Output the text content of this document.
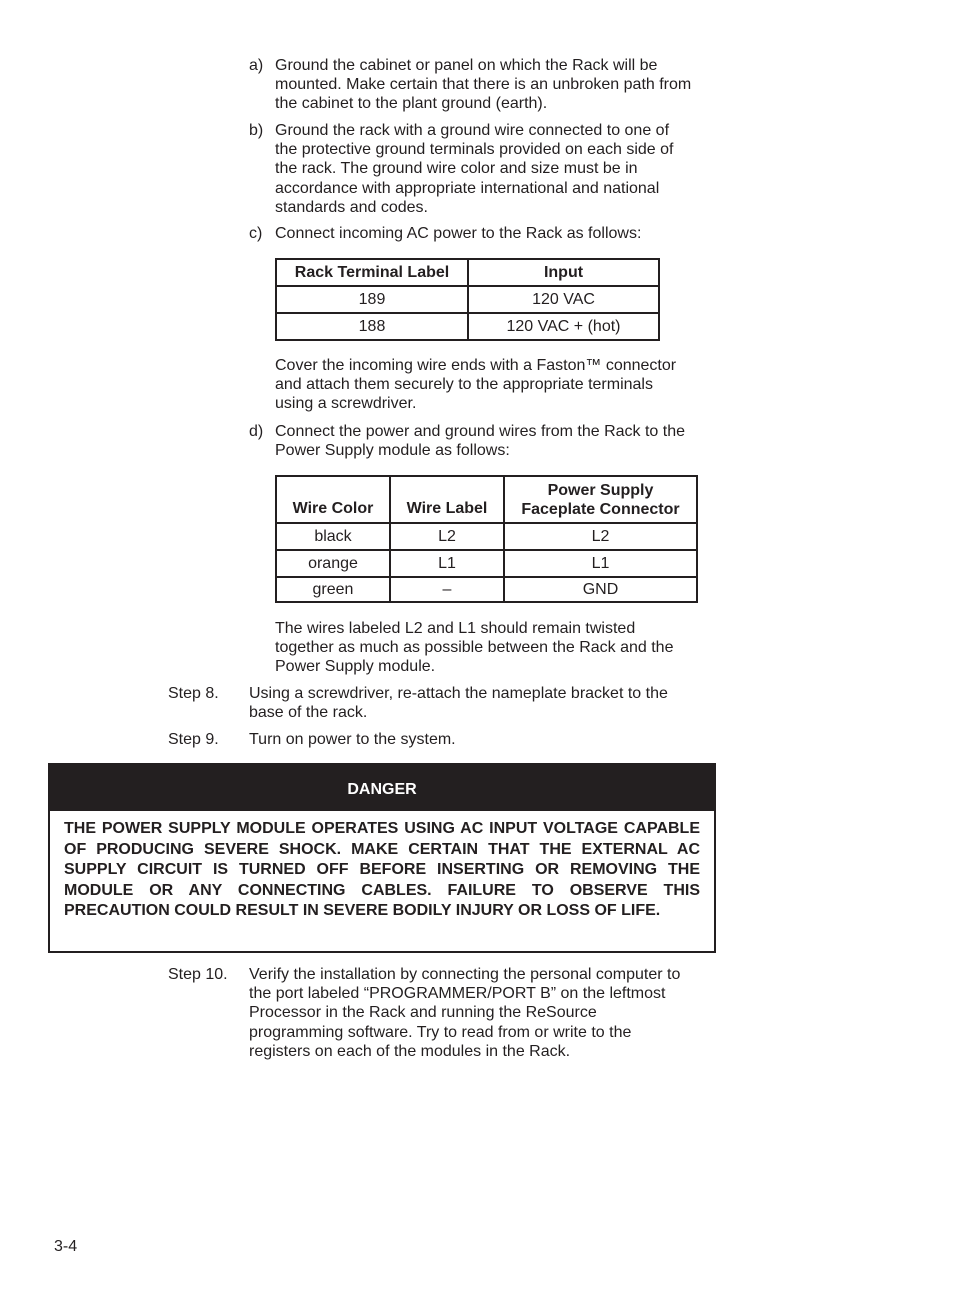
a) Ground the cabinet or panel on which the Rack will be mounted. Make certain that there is an unbroken path from the cabinet to the plant ground (earth).
b) Ground the rack with a ground wire connected to one of the protective ground terminals provided on each side of the rack. The ground wire color and size must be in accordance with appropriate international and national standards and codes.
c) Connect incoming AC power to the Rack as follows:
Rack Terminal Label	Input
189	120 VAC
188	120 VAC + (hot)
Cover the incoming wire ends with a Faston™ connector and attach them securely to the appropriate terminals using a screwdriver.
d) Connect the power and ground wires from the Rack to the Power Supply module as follows:
Wire Color	Wire Label	Power Supply Faceplate Connector
black	L2	L2
orange	L1	L1
green	–	GND
The wires labeled L2 and L1 should remain twisted together as much as possible between the Rack and the Power Supply module.
Step 8. Using a screwdriver, re-attach the nameplate bracket to the base of the rack.
Step 9. Turn on power to the system.
DANGER
THE POWER SUPPLY MODULE OPERATES USING AC INPUT VOLTAGE CAPABLE OF PRODUCING SEVERE SHOCK. MAKE CERTAIN THAT THE EXTERNAL AC SUPPLY CIRCUIT IS TURNED OFF BEFORE INSERTING OR REMOVING THE MODULE OR ANY CONNECTING CABLES. FAILURE TO OBSERVE THIS PRECAUTION COULD RESULT IN SEVERE BODILY INJURY OR LOSS OF LIFE.
Step 10. Verify the installation by connecting the personal computer to the port labeled “PROGRAMMER/PORT B” on the leftmost Processor in the Rack and running the ReSource programming software. Try to read from or write to the registers on each of the modules in the Rack.
3-4
